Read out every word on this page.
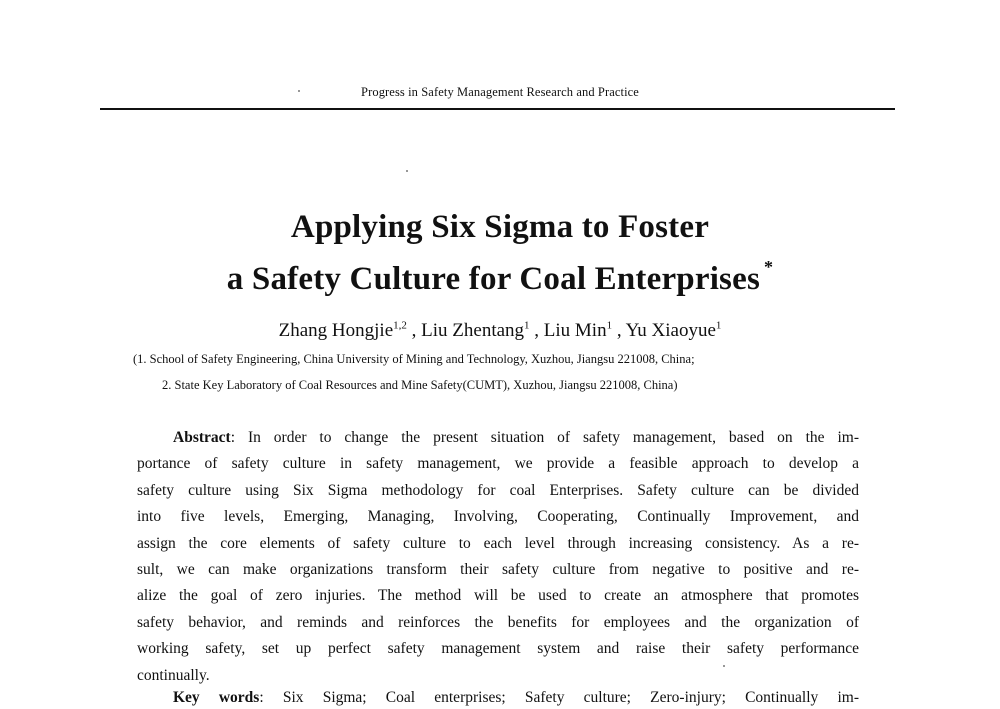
Progress in Safety Management Research and Practice
Applying Six Sigma to Foster
a Safety Culture for Coal Enterprises *
Zhang Hongjie$^{1,2}$ , Liu Zhentang$^1$ , Liu Min$^1$ , Yu Xiaoyue$^1$
(1. School of Safety Engineering, China University of Mining and Technology, Xuzhou, Jiangsu 221008, China;
2. State Key Laboratory of Coal Resources and Mine Safety(CUMT), Xuzhou, Jiangsu 221008, China)
Abstract: In order to change the present situation of safety management, based on the im-
portance of safety culture in safety management, we provide a feasible approach to develop a
safety culture using Six Sigma methodology for coal Enterprises. Safety culture can be divided
into five levels, Emerging, Managing, Involving, Cooperating, Continually Improvement, and
assign the core elements of safety culture to each level through increasing consistency. As a re-
sult, we can make organizations transform their safety culture from negative to positive and re-
alize the goal of zero injuries. The method will be used to create an atmosphere that promotes
safety behavior, and reminds and reinforces the benefits for employees and the organization of
working safety, set up perfect safety management system and raise their safety performance
continually.
Key words: Six Sigma; Coal enterprises; Safety culture; Zero-injury; Continually im-
